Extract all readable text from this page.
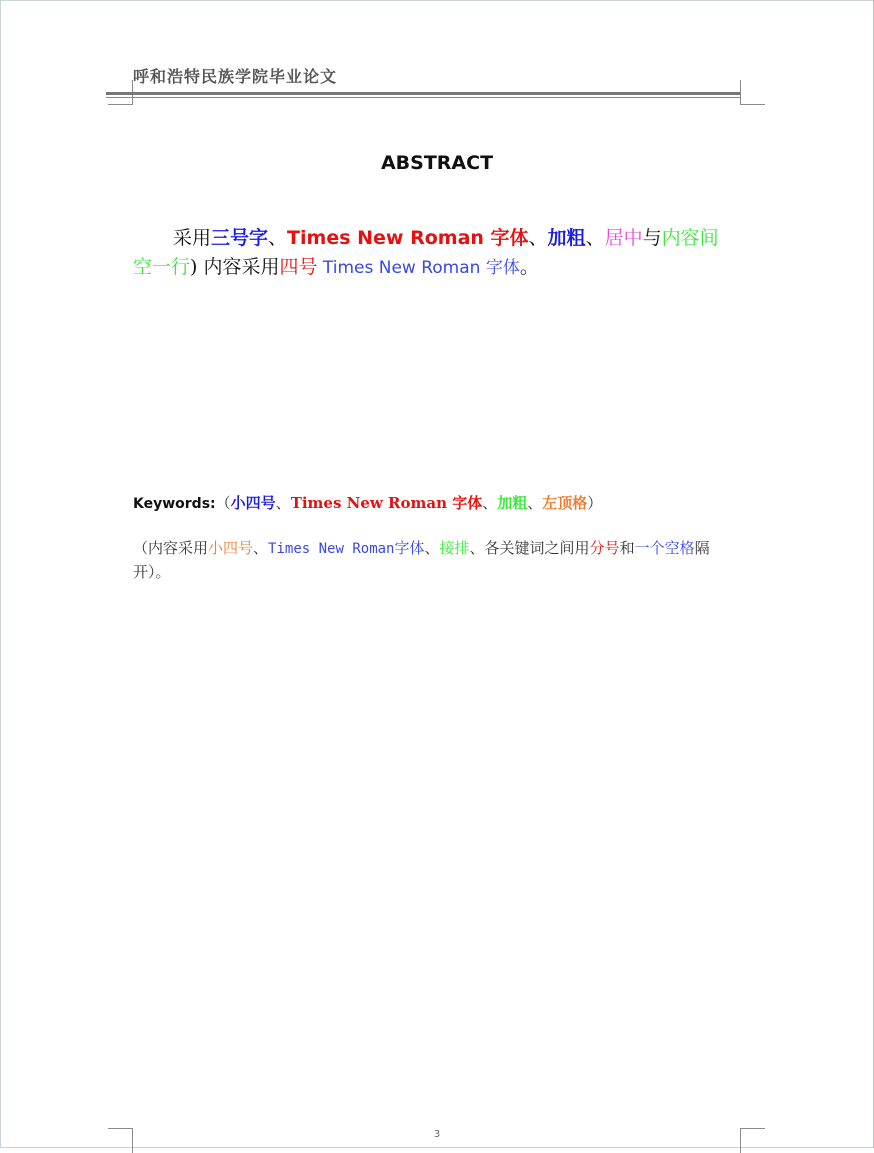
呼和浩特民族学院毕业论文
ABSTRACT
采用三号字、Times New Roman 字体、加粗、居中与内容间空一行) 内容采用四号 Times New Roman 字体。
Keywords:（小四号、Times New Roman 字体、加粗、左顶格）
（内容采用小四号、Times New Roman字体、接排、各关键词之间用分号和一个空格隔开）。
3
